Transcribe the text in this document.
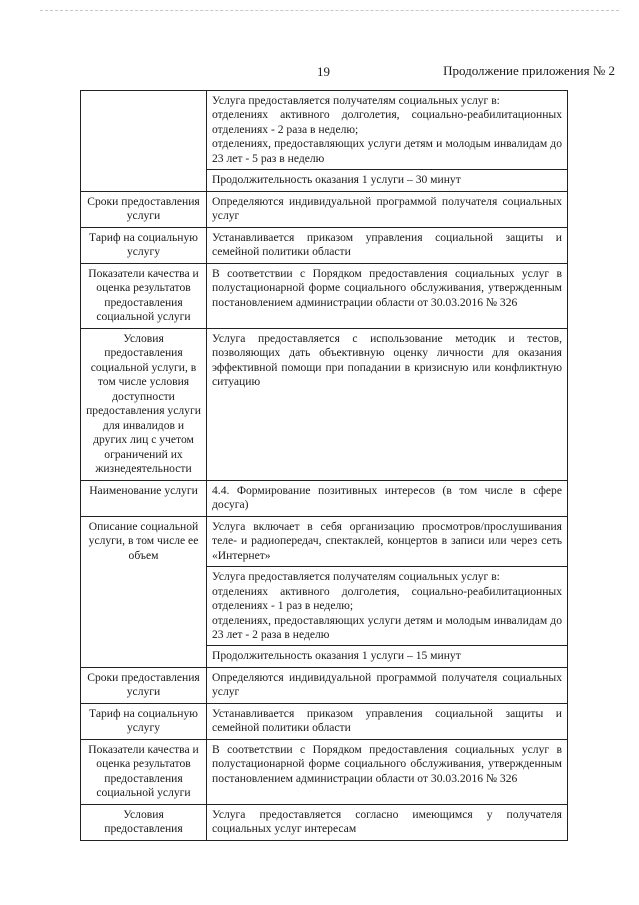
19	Продолжение приложения № 2

	Услуга предоставляется получателям социальных услуг в:
отделениях активного долголетия, социально-реабилитационных отделениях - 2 раза в неделю;
отделениях, предоставляющих услуги детям и молодым инвалидам до 23 лет - 5 раз в неделю

	Продолжительность оказания 1 услуги – 30 минут

Сроки предоставления услуги	Определяются индивидуальной программой получателя социальных услуг

Тариф на социальную услугу	Устанавливается приказом управления социальной защиты и семейной политики области

Показатели качества и оценка результатов предоставления социальной услуги	В соответствии с Порядком предоставления социальных услуг в полустационарной форме социального обслуживания, утвержденным постановлением администрации области от 30.03.2016 № 326

Условия предоставления социальной услуги, в том числе условия доступности предоставления услуги для инвалидов и других лиц с учетом ограничений их жизнедеятельности	Услуга предоставляется с использование методик и тестов, позволяющих дать объективную оценку личности для оказания эффективной помощи при попадании в кризисную или конфликтную ситуацию

Наименование услуги	4.4. Формирование позитивных интересов (в том числе в сфере досуга)

Описание социальной услуги, в том числе ее объем	Услуга включает в себя организацию просмотров/прослушивания теле- и радиопередач, спектаклей, концертов в записи или через сеть «Интернет»

	Услуга предоставляется получателям социальных услуг в:
отделениях активного долголетия, социально-реабилитационных отделениях - 1 раз в неделю;
отделениях, предоставляющих услуги детям и молодым инвалидам до 23 лет - 2 раза в неделю

	Продолжительность оказания 1 услуги – 15 минут

Сроки предоставления услуги	Определяются индивидуальной программой получателя социальных услуг

Тариф на социальную услугу	Устанавливается приказом управления социальной защиты и семейной политики области

Показатели качества и оценка результатов предоставления социальной услуги	В соответствии с Порядком предоставления социальных услуг в полустационарной форме социального обслуживания, утвержденным постановлением администрации области от 30.03.2016 № 326

Условия предоставления	Услуга предоставляется согласно имеющимся у получателя социальных услуг интересам
